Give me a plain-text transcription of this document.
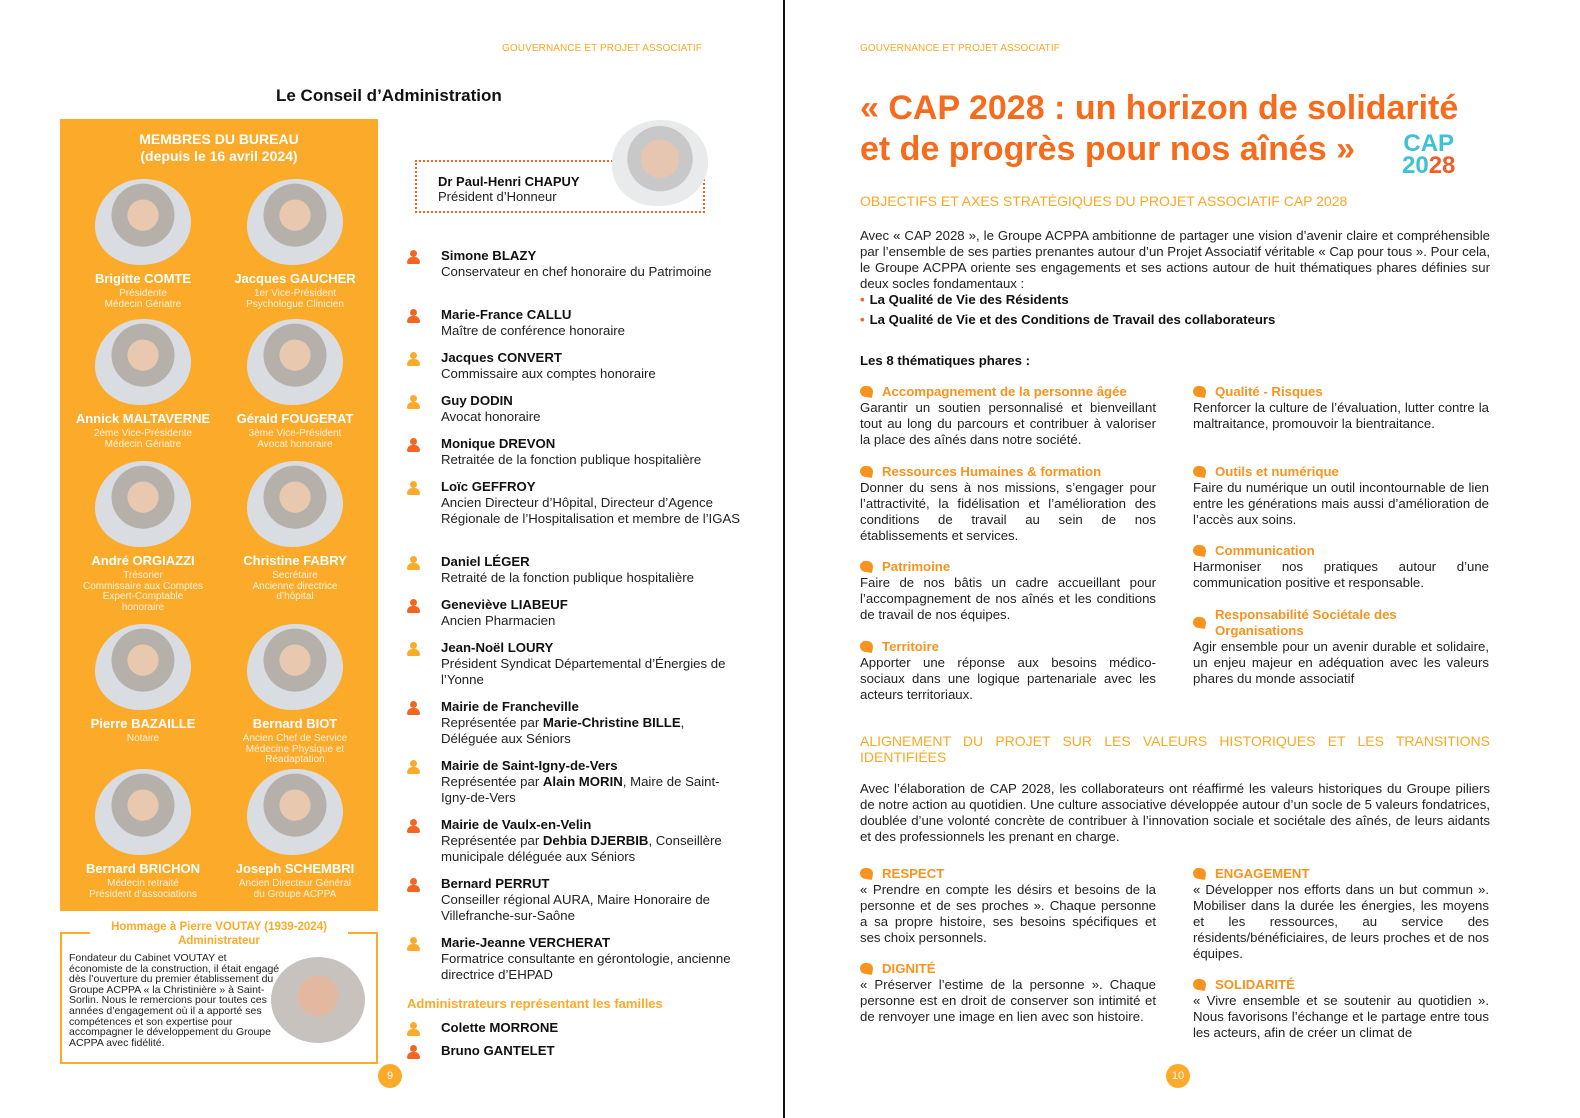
GOUVERNANCE ET PROJET ASSOCIATIF
Le Conseil d’Administration
MEMBRES DU BUREAU
(depuis le 16 avril 2024)
Brigitte COMTE
Présidente
Médecin Gériatre
Jacques GAUCHER
1er Vice-Président
Psychologue Clinicien
Annick MALTAVERNE
2ème Vice-Présidente
Médecin Gériatre
Gérald FOUGERAT
3ème Vice-Président
Avocat honoraire
André ORGIAZZI
Trésorier
Commissaire aux Comptes
Expert-Comptable
honoraire
Christine FABRY
Secrétaire
Ancienne directrice
d’hôpital
Pierre BAZAILLE
Notaire
Bernard BIOT
Ancien Chef de Service
Médecine Physique et
Réadaptation
Bernard BRICHON
Médecin retraité
Président d’associations
Joseph SCHEMBRI
Ancien Directeur Général
du Groupe ACPPA
Hommage à Pierre VOUTAY (1939-2024)
Administrateur
Fondateur du Cabinet VOUTAY et économiste de la construction, il était engagé dès l’ouverture du premier établissement du Groupe ACPPA « la Christinière » à Saint-Sorlin. Nous le remercions pour toutes ces années d’engagement où il a apporté ses compétences et son expertise pour accompagner le développement du Groupe ACPPA avec fidélité.
Dr Paul-Henri CHAPUY
Président d’Honneur
Simone BLAZY
Conservateur en chef honoraire du Patrimoine
Marie-France CALLU
Maître de conférence honoraire
Jacques CONVERT
Commissaire aux comptes honoraire
Guy DODIN
Avocat honoraire
Monique DREVON
Retraitée de la fonction publique hospitalière
Loïc GEFFROY
Ancien Directeur d’Hôpital, Directeur d’Agence Régionale de l’Hospitalisation et membre de l’IGAS
Daniel LÉGER
Retraité de la fonction publique hospitalière
Geneviève LIABEUF
Ancien Pharmacien
Jean-Noël LOURY
Président Syndicat Départemental d’Énergies de l’Yonne
Mairie de Francheville
Représentée par Marie-Christine BILLE, Déléguée aux Séniors
Mairie de Saint-Igny-de-Vers
Représentée par Alain MORIN, Maire de Saint-Igny-de-Vers
Mairie de Vaulx-en-Velin
Représentée par Dehbia DJERBIB, Conseillère municipale déléguée aux Séniors
Bernard PERRUT
Conseiller régional AURA, Maire Honoraire de Villefranche-sur-Saône
Marie-Jeanne VERCHERAT
Formatrice consultante en gérontologie, ancienne directrice d’EHPAD
Administrateurs représentant les familles
Colette MORRONE
Bruno GANTELET
9
GOUVERNANCE ET PROJET ASSOCIATIF
« CAP 2028 : un horizon de solidarité
et de progrès pour nos aînés »	CAP
2028
OBJECTIFS ET AXES STRATÉGIQUES DU PROJET ASSOCIATIF CAP 2028
Avec « CAP 2028 », le Groupe ACPPA ambitionne de partager une vision d’avenir claire et compréhensible par l’ensemble de ses parties prenantes autour d’un Projet Associatif véritable « Cap pour tous ». Pour cela, le Groupe ACPPA oriente ses engagements et ses actions autour de huit thématiques phares définies sur deux socles fondamentaux :
• La Qualité de Vie des Résidents
• La Qualité de Vie et des Conditions de Travail des collaborateurs
Les 8 thématiques phares :
Accompagnement de la personne âgée
Garantir un soutien personnalisé et bienveillant tout au long du parcours et contribuer à valoriser la place des aînés dans notre société.
Ressources Humaines & formation
Donner du sens à nos missions, s’engager pour l’attractivité, la fidélisation et l’amélioration des conditions de travail au sein de nos établissements et services.
Patrimoine
Faire de nos bâtis un cadre accueillant pour l’accompagnement de nos aînés et les conditions de travail de nos équipes.
Territoire
Apporter une réponse aux besoins médico-sociaux dans une logique partenariale avec les acteurs territoriaux.
Qualité - Risques
Renforcer la culture de l’évaluation, lutter contre la maltraitance, promouvoir la bientraitance.
Outils et numérique
Faire du numérique un outil incontournable de lien entre les générations mais aussi d’amélioration de l’accès aux soins.
Communication
Harmoniser nos pratiques autour d’une communication positive et responsable.
Responsabilité Sociétale des Organisations
Agir ensemble pour un avenir durable et solidaire, un enjeu majeur en adéquation avec les valeurs phares du monde associatif
ALIGNEMENT DU PROJET SUR LES VALEURS HISTORIQUES ET LES TRANSITIONS IDENTIFIÉES
Avec l’élaboration de CAP 2028, les collaborateurs ont réaffirmé les valeurs historiques du Groupe piliers de notre action au quotidien. Une culture associative développée autour d’un socle de 5 valeurs fondatrices, doublée d’une volonté concrète de contribuer à l’innovation sociale et sociétale des aînés, de leurs aidants et des professionnels les prenant en charge.
RESPECT
« Prendre en compte les désirs et besoins de la personne et de ses proches ». Chaque personne a sa propre histoire, ses besoins spécifiques et ses choix personnels.
DIGNITÉ
« Préserver l’estime de la personne ». Chaque personne est en droit de conserver son intimité et de renvoyer une image en lien avec son histoire.
ENGAGEMENT
« Développer nos efforts dans un but commun ». Mobiliser dans la durée les énergies, les moyens et les ressources, au service des résidents/bénéficiaires, de leurs proches et de nos équipes.
SOLIDARITÉ
« Vivre ensemble et se soutenir au quotidien ». Nous favorisons l’échange et le partage entre tous les acteurs, afin de créer un climat de
10
